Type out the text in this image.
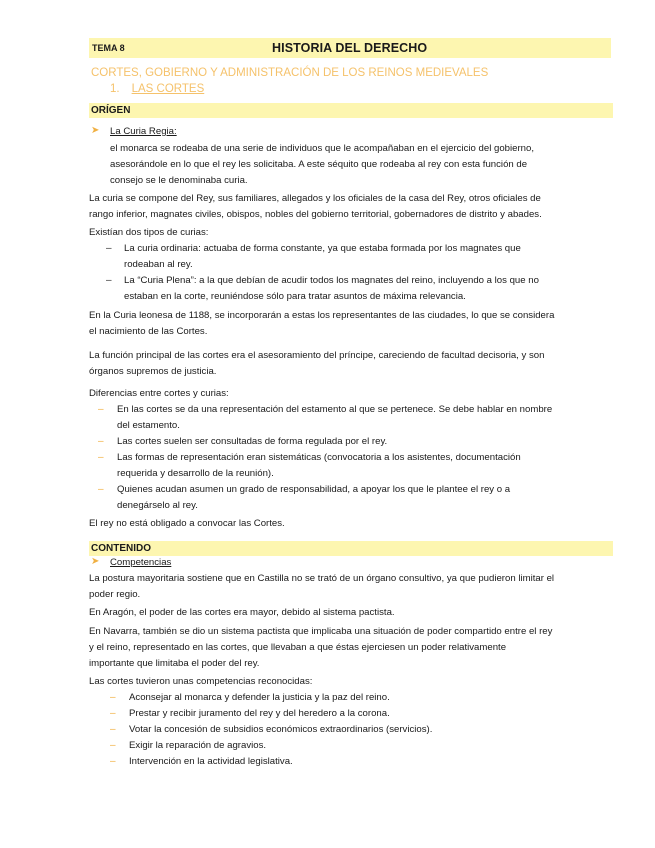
TEMA 8	HISTORIA DEL DERECHO
CORTES, GOBIERNO Y ADMINISTRACIÓN DE LOS REINOS MEDIEVALES
1. LAS CORTES
ORÍGEN
➤ La Curia Regia:
el monarca se rodeaba de una serie de individuos que le acompañaban en el ejercicio del gobierno,
asesorándole en lo que el rey les solicitaba. A este séquito que rodeaba al rey con esta función de
consejo se le denominaba curia.
La curia se compone del Rey, sus familiares, allegados y los oficiales de la casa del Rey, otros oficiales de
rango inferior, magnates civiles, obispos, nobles del gobierno territorial, gobernadores de distrito y abades.
Existían dos tipos de curias:
– La curia ordinaria: actuaba de forma constante, ya que estaba formada por los magnates que
rodeaban al rey.
– La “Curia Plena”: a la que debían de acudir todos los magnates del reino, incluyendo a los que no
estaban en la corte, reuniéndose sólo para tratar asuntos de máxima relevancia.
En la Curia leonesa de 1188, se incorporarán a estas los representantes de las ciudades, lo que se considera
el nacimiento de las Cortes.
La función principal de las cortes era el asesoramiento del príncipe, careciendo de facultad decisoria, y son
órganos supremos de justicia.
Diferencias entre cortes y curias:
– En las cortes se da una representación del estamento al que se pertenece. Se debe hablar en nombre
del estamento.
– Las cortes suelen ser consultadas de forma regulada por el rey.
– Las formas de representación eran sistemáticas (convocatoria a los asistentes, documentación
requerida y desarrollo de la reunión).
– Quienes acudan asumen un grado de responsabilidad, a apoyar los que le plantee el rey o a
denegárselo al rey.
El rey no está obligado a convocar las Cortes.
CONTENIDO
➤ Competencias
La postura mayoritaria sostiene que en Castilla no se trató de un órgano consultivo, ya que pudieron limitar el
poder regio.
En Aragón, el poder de las cortes era mayor, debido al sistema pactista.
En Navarra, también se dio un sistema pactista que implicaba una situación de poder compartido entre el rey
y el reino, representado en las cortes, que llevaban a que éstas ejerciesen un poder relativamente
importante que limitaba el poder del rey.
Las cortes tuvieron unas competencias reconocidas:
– Aconsejar al monarca y defender la justicia y la paz del reino.
– Prestar y recibir juramento del rey y del heredero a la corona.
– Votar la concesión de subsidios económicos extraordinarios (servicios).
– Exigir la reparación de agravios.
– Intervención en la actividad legislativa.
